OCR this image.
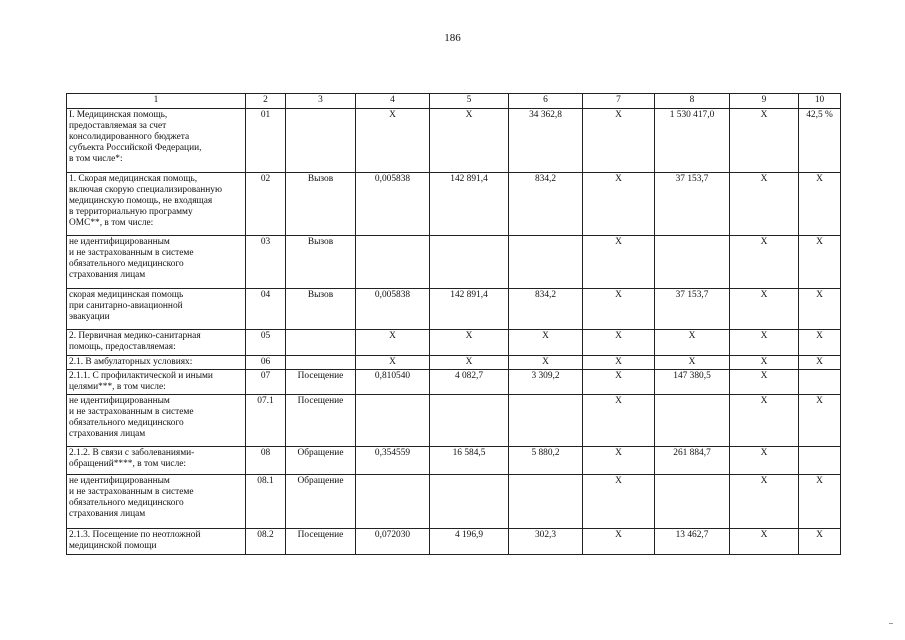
186
1	2	3	4	5	6	7	8	9	10
I. Медицинская помощь,
предоставляемая за счет
консолидированного бюджета
субъекта Российской Федерации,
в том числе*:	01		Х	Х	34 362,8	Х	1 530 417,0	Х	42,5 %
1. Скорая медицинская помощь,
включая скорую специализированную
медицинскую помощь, не входящая
в территориальную программу
ОМС**, в том числе:	02	Вызов	0,005838	142 891,4	834,2	Х	37 153,7	Х	Х
не идентифицированным
и не застрахованным в системе
обязательного медицинского
страхования лицам	03	Вызов				Х		Х	Х
скорая медицинская помощь
при санитарно-авиационной
эвакуации	04	Вызов	0,005838	142 891,4	834,2	Х	37 153,7	Х	Х
2. Первичная медико-санитарная
помощь, предоставляемая:	05		Х	Х	Х	Х	Х	Х	Х
2.1. В амбулаторных условиях:	06		Х	Х	Х	Х	Х	Х	Х
2.1.1. С профилактической и иными
целями***, в том числе:	07	Посещение	0,810540	4 082,7	3 309,2	Х	147 380,5	Х	
не идентифицированным
и не застрахованным в системе
обязательного медицинского
страхования лицам	07.1	Посещение				Х		Х	Х
2.1.2. В связи с заболеваниями-
обращений****, в том числе:	08	Обращение	0,354559	16 584,5	5 880,2	Х	261 884,7	Х	
не идентифицированным
и не застрахованным в системе
обязательного медицинского
страхования лицам	08.1	Обращение				Х		Х	Х
2.1.3. Посещение по неотложной
медицинской помощи	08.2	Посещение	0,072030	4 196,9	302,3	Х	13 462,7	Х	Х
